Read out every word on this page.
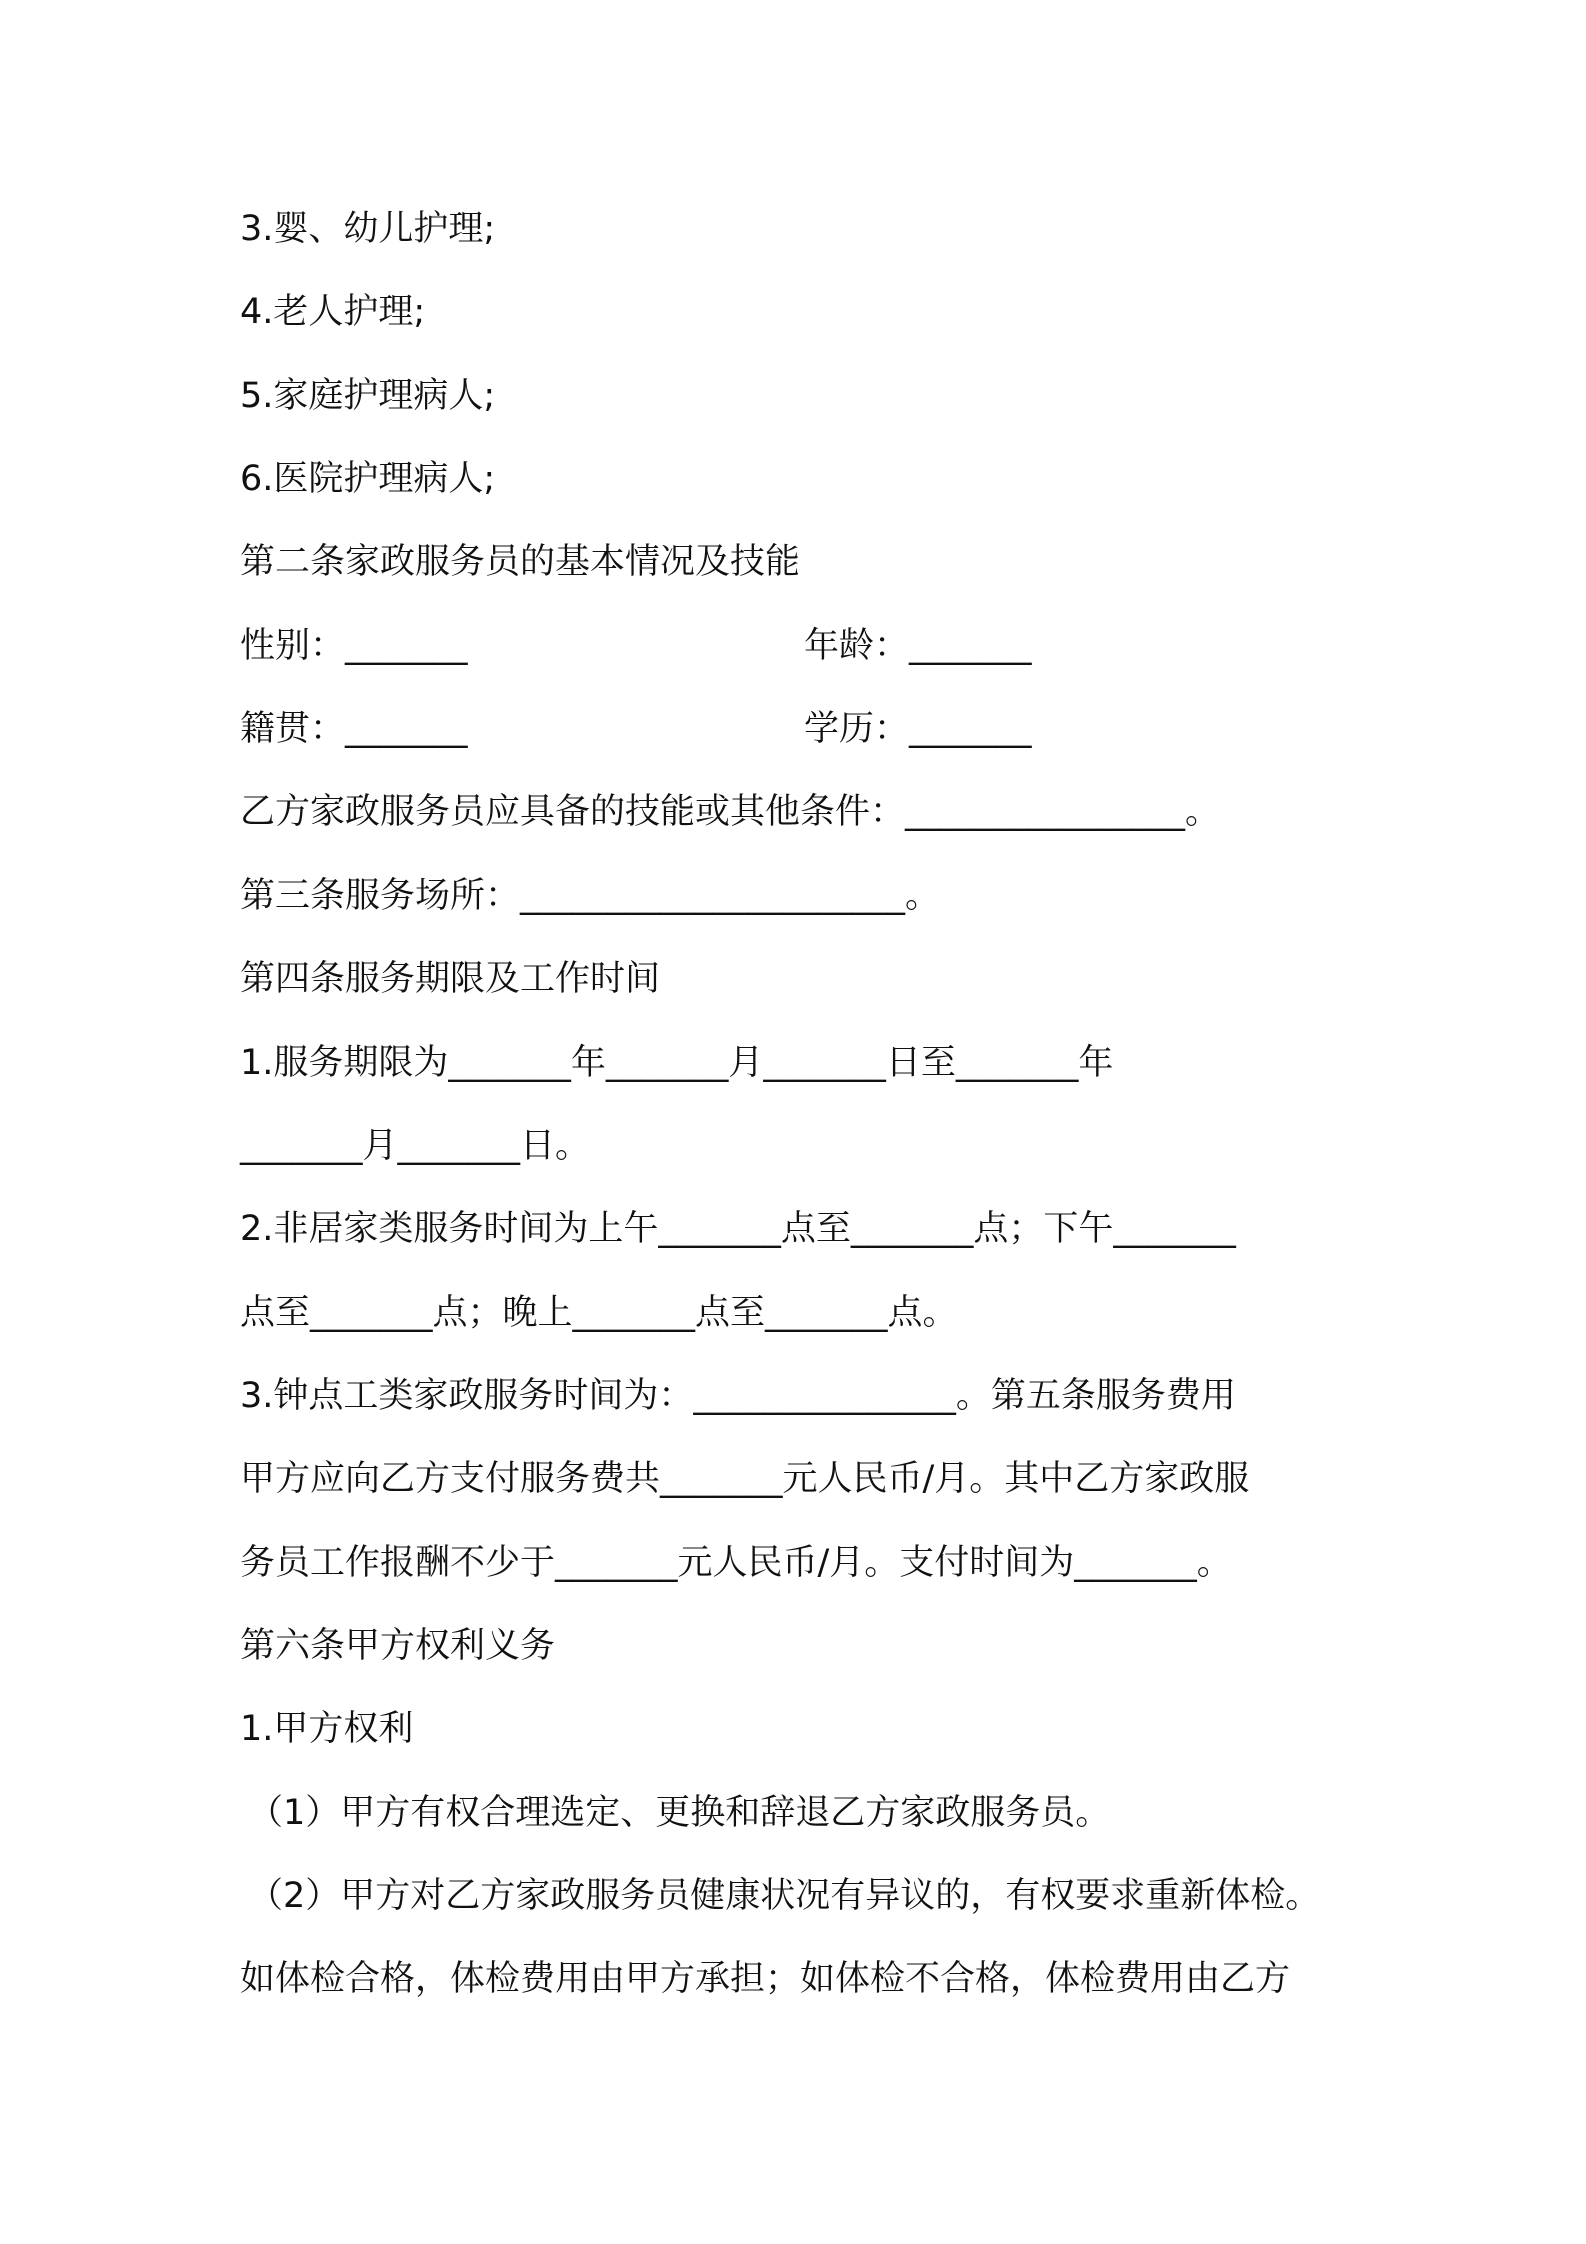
3.婴、幼儿护理;
4.老人护理;
5.家庭护理病人;
6.医院护理病人;
第二条家政服务员的基本情况及技能
性别：_______	年龄：_______
籍贯：_______	学历：_______
乙方家政服务员应具备的技能或其他条件：________________。
第三条服务场所：______________________。
第四条服务期限及工作时间
1.服务期限为_______年_______月_______日至_______年
_______月_______日。
2.非居家类服务时间为上午_______点至_______点；下午_______
点至_______点；晚上_______点至_______点。
3.钟点工类家政服务时间为：_______________。第五条服务费用
甲方应向乙方支付服务费共_______元人民币/月。其中乙方家政服
务员工作报酬不少于_______元人民币/月。支付时间为_______。
第六条甲方权利义务
1.甲方权利
（1）甲方有权合理选定、更换和辞退乙方家政服务员。
（2）甲方对乙方家政服务员健康状况有异议的，有权要求重新体检。
如体检合格，体检费用由甲方承担；如体检不合格，体检费用由乙方
